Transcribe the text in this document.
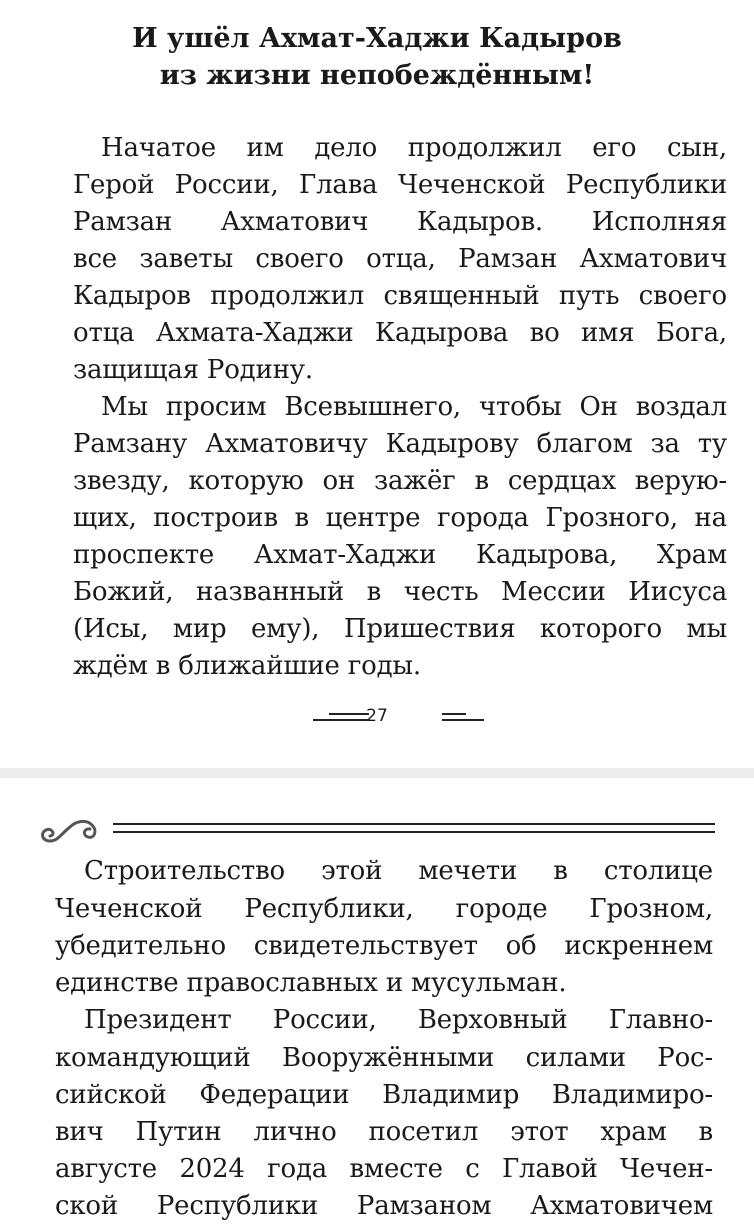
И ушёл Ахмат-Хаджи Кадыров
из жизни непобеждённым!
Начатое им дело продолжил его сын,
Герой России, Глава Чеченской Республики
Рамзан Ахматович Кадыров. Исполняя
все заветы своего отца, Рамзан Ахматович
Кадыров продолжил священный путь своего
отца Ахмата-Хаджи Кадырова во имя Бога,
защищая Родину.
Мы просим Всевышнего, чтобы Он воздал
Рамзану Ахматовичу Кадырову благом за ту
звезду, которую он зажёг в сердцах верую-
щих, построив в центре города Грозного, на
проспекте Ахмат-Хаджи Кадырова, Храм
Божий, названный в честь Мессии Иисуса
(Исы, мир ему), Пришествия которого мы
ждём в ближайшие годы.
27
Строительство этой мечети в столице
Чеченской Республики, городе Грозном,
убедительно свидетельствует об искреннем
единстве православных и мусульман.
Президент России, Верховный Главно-
командующий Вооружёнными силами Рос-
сийской Федерации Владимир Владимиро-
вич Путин лично посетил этот храм в
августе 2024 года вместе с Главой Чечен-
ской Республики Рамзаном Ахматовичем
